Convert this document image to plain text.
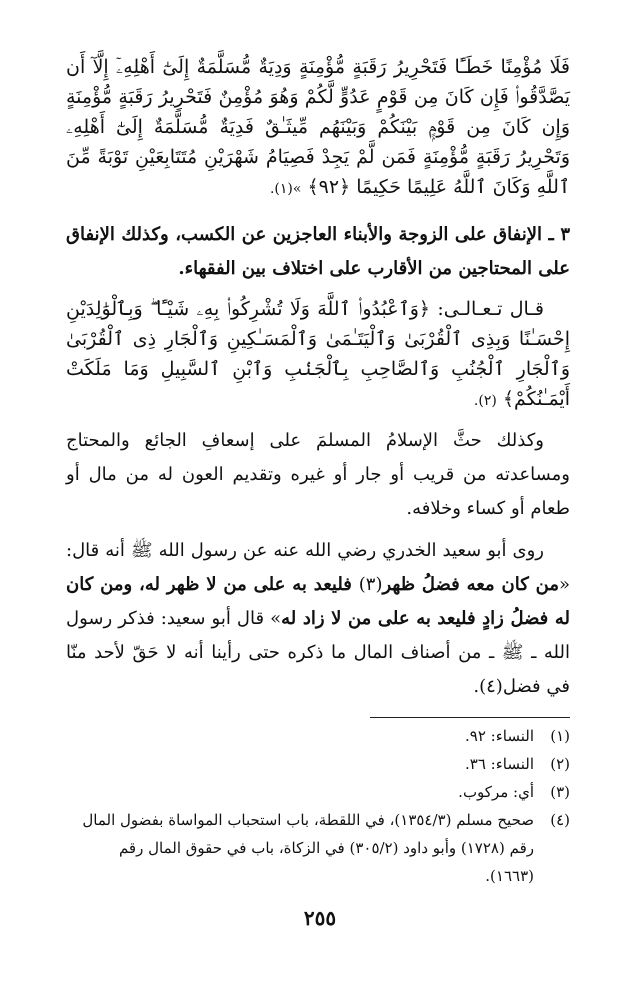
فَلَا مُؤْمِنًا خَطَـًٔا فَتَحْرِيرُ رَقَبَةٍ مُّؤْمِنَةٍ وَدِيَةٌ مُّسَلَّمَةٌ إِلَىٰٓ أَهْلِهِۦٓ إِلَّآ أَن يَصَّدَّقُوا۟ فَإِن كَانَ مِن قَوْمٍ عَدُوٍّ لَّكُمْ وَهُوَ مُؤْمِنٌ فَتَحْرِيرُ رَقَبَةٍ مُّؤْمِنَةٍ وَإِن كَانَ مِن قَوْمٍۭ بَيْنَكُمْ وَبَيْنَهُم مِّيثَـٰقٌ فَدِيَةٌ مُّسَلَّمَةٌ إِلَىٰٓ أَهْلِهِۦ وَتَحْرِيرُ رَقَبَةٍ مُّؤْمِنَةٍ فَمَن لَّمْ يَجِدْ فَصِيَامُ شَهْرَيْنِ مُتَتَابِعَيْنِ تَوْبَةً مِّنَ ٱللَّهِ وَكَانَ ٱللَّهُ عَلِيمًا حَكِيمًا ﴿٩٢﴾ »(١).

٣ ـ الإنفاق على الزوجة والأبناء العاجزين عن الكسب، وكذلك الإنفاق على المحتاجين من الأقارب على اختلاف بين الفقهاء.

قـال تـعـالـى: ﴿وَٱعْبُدُوا۟ ٱللَّهَ وَلَا تُشْرِكُوا۟ بِهِۦ شَيْـًٔا ۖ وَبِٱلْوَٰلِدَيْنِ إِحْسَـٰنًا وَبِذِى ٱلْقُرْبَىٰ وَٱلْيَتَـٰمَىٰ وَٱلْمَسَـٰكِينِ وَٱلْجَارِ ذِى ٱلْقُرْبَىٰ وَٱلْجَارِ ٱلْجُنُبِ وَٱلصَّاحِبِ بِٱلْجَنۢبِ وَٱبْنِ ٱلسَّبِيلِ وَمَا مَلَكَتْ أَيْمَـٰنُكُمْ﴾ (٢).

وكذلك حثَّ الإسلامُ المسلمَ على إسعافِ الجائع والمحتاج ومساعدته من قريب أو جار أو غيره وتقديم العون له من مال أو طعام أو كساء وخلافه.

روى أبو سعيد الخدري رضي الله عنه عن رسول الله ﷺ أنه قال: «من كان معه فضلُ ظهر(٣) فليعد به على من لا ظهر له، ومن كان له فضلُ زادٍ فليعد به على من لا زاد له» قال أبو سعيد: فذكر رسول الله ـ ﷺ ـ من أصناف المال ما ذكره حتى رأينا أنه لا حَقّ لأحد منّا في فضل(٤).

(١)
النساء: ٩٢.
(٢)
النساء: ٣٦.
(٣)
أي: مركوب.
(٤)
صحيح مسلم (١٣٥٤/٣)، في اللقطة، باب استحباب المواساة بفضول المال رقم (١٧٢٨) وأبو داود (٣٠٥/٢) في الزكاة، باب في حقوق المال رقم (١٦٦٣).
٢٥٥
